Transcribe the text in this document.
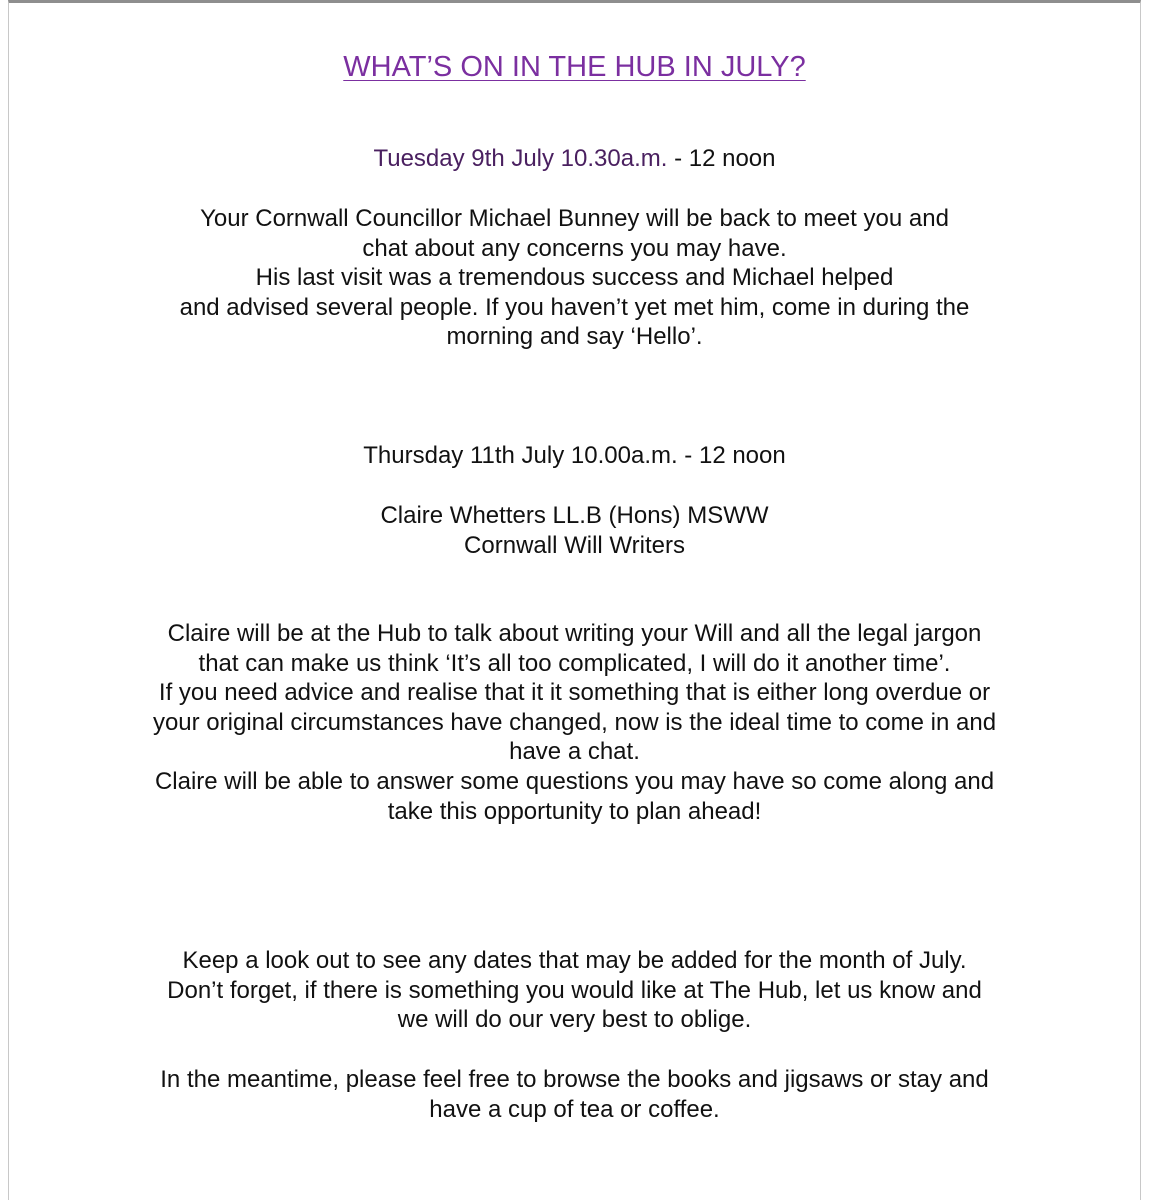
WHAT’S ON IN THE HUB IN JULY?
Tuesday 9th July 10.30a.m. - 12 noon

Your Cornwall Councillor Michael Bunney will be back to meet you and

chat about any concerns you may have.

His last visit was a tremendous success and Michael helped

and advised several people. If you haven’t yet met him, come in during the

morning and say ‘Hello’.

Thursday 11th July 10.00a.m. - 12 noon

Claire Whetters LL.B (Hons) MSWW

Cornwall Will Writers

Claire will be at the Hub to talk about writing your Will and all the legal jargon

that can make us think ‘It’s all too complicated, I will do it another time’.

If you need advice and realise that it it something that is either long overdue or

your original circumstances have changed, now is the ideal time to come in and

have a chat.

Claire will be able to answer some questions you may have so come along and

take this opportunity to plan ahead!

Keep a look out to see any dates that may be added for the month of July.

Don’t forget, if there is something you would like at The Hub, let us know and

we will do our very best to oblige.

In the meantime, please feel free to browse the books and jigsaws or stay and

have a cup of tea or coffee.
